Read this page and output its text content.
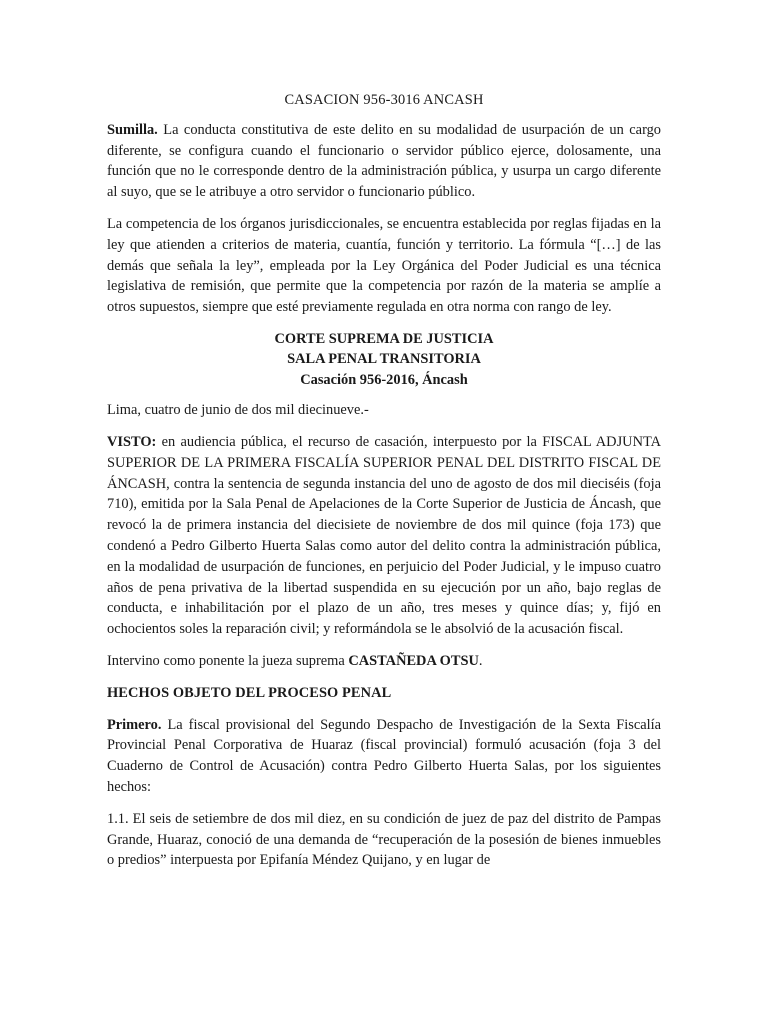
CASACION 956-3016 ANCASH

Sumilla. La conducta constitutiva de este delito en su modalidad de usurpación de un cargo diferente, se configura cuando el funcionario o servidor público ejerce, dolosamente, una función que no le corresponde dentro de la administración pública, y usurpa un cargo diferente al suyo, que se le atribuye a otro servidor o funcionario público.

La competencia de los órganos jurisdiccionales, se encuentra establecida por reglas fijadas en la ley que atienden a criterios de materia, cuantía, función y territorio. La fórmula “[…] de las demás que señala la ley”, empleada por la Ley Orgánica del Poder Judicial es una técnica legislativa de remisión, que permite que la competencia por razón de la materia se amplíe a otros supuestos, siempre que esté previamente regulada en otra norma con rango de ley.

CORTE SUPREMA DE JUSTICIA
SALA PENAL TRANSITORIA
Casación 956-2016, Áncash

Lima, cuatro de junio de dos mil diecinueve.-

VISTO: en audiencia pública, el recurso de casación, interpuesto por la FISCAL ADJUNTA SUPERIOR DE LA PRIMERA FISCALÍA SUPERIOR PENAL DEL DISTRITO FISCAL DE ÁNCASH, contra la sentencia de segunda instancia del uno de agosto de dos mil dieciséis (foja 710), emitida por la Sala Penal de Apelaciones de la Corte Superior de Justicia de Áncash, que revocó la de primera instancia del diecisiete de noviembre de dos mil quince (foja 173) que condenó a Pedro Gilberto Huerta Salas como autor del delito contra la administración pública, en la modalidad de usurpación de funciones, en perjuicio del Poder Judicial, y le impuso cuatro años de pena privativa de la libertad suspendida en su ejecución por un año, bajo reglas de conducta, e inhabilitación por el plazo de un año, tres meses y quince días; y, fijó en ochocientos soles la reparación civil; y reformándola se le absolvió de la acusación fiscal.

Intervino como ponente la jueza suprema CASTAÑEDA OTSU.

HECHOS OBJETO DEL PROCESO PENAL

Primero. La fiscal provisional del Segundo Despacho de Investigación de la Sexta Fiscalía Provincial Penal Corporativa de Huaraz (fiscal provincial) formuló acusación (foja 3 del Cuaderno de Control de Acusación) contra Pedro Gilberto Huerta Salas, por los siguientes hechos:

1.1. El seis de setiembre de dos mil diez, en su condición de juez de paz del distrito de Pampas Grande, Huaraz, conoció de una demanda de “recuperación de la posesión de bienes inmuebles o predios” interpuesta por Epifanía Méndez Quijano, y en lugar de
